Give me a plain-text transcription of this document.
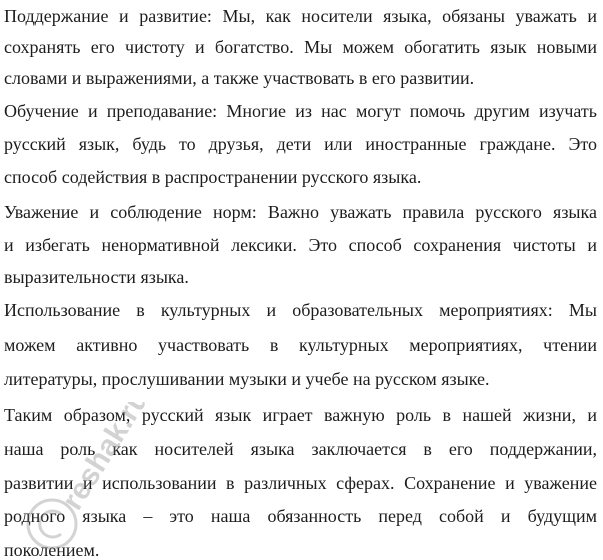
Поддержание и развитие: Мы, как носители языка, обязаны уважать и
сохранять его чистоту и богатство. Мы можем обогатить язык новыми
словами и выражениями, а также участвовать в его развитии.
Обучение и преподавание: Многие из нас могут помочь другим изучать
русский язык, будь то друзья, дети или иностранные граждане. Это
способ содействия в распространении русского языка.
Уважение и соблюдение норм: Важно уважать правила русского языка
и избегать ненормативной лексики. Это способ сохранения чистоты и
выразительности языка.
Использование в культурных и образовательных мероприятиях: Мы
можем активно участвовать в культурных мероприятиях, чтении
литературы, прослушивании музыки и учебе на русском языке.
Таким образом, русский язык играет важную роль в нашей жизни, и
наша роль как носителей языка заключается в его поддержании,
развитии и использовании в различных сферах. Сохранение и уважение
родного языка – это наша обязанность перед собой и будущим
поколением.
reshak.ru
